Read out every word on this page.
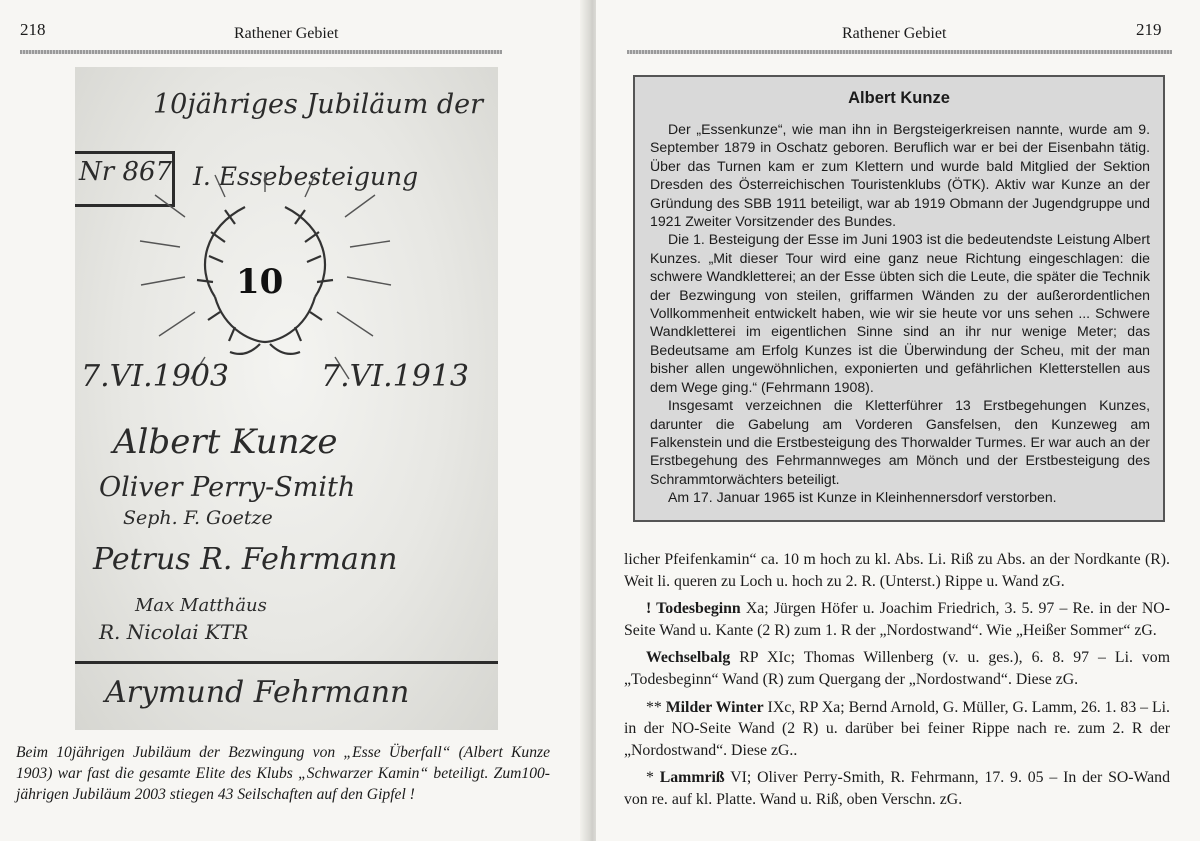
218	Rathener Gebiet
10jähriges Jubiläum der
Nr 867 I. Essebesteigung
10
7.VI.1903	7.VI.1913
Albert Kunze
Oliver Perry-Smith
Seph. F. Goetze
Petrus R. Fehrmann
Max Matthäus
R. Nicolai KTR
Arymund Fehrmann
Beim 10jährigen Jubiläum der Bezwingung von „Esse Überfall“ (Albert Kunze 1903) war fast die gesamte Elite des Klubs „Schwarzer Kamin“ beteiligt. Zum100-jährigen Jubiläum 2003 stiegen 43 Seilschaften auf den Gipfel !
Rathener Gebiet	219
Albert Kunze

Der „Essenkunze“, wie man ihn in Bergsteigerkreisen nannte, wurde am 9. September 1879 in Oschatz geboren. Beruflich war er bei der Eisenbahn tätig. Über das Turnen kam er zum Klettern und wurde bald Mitglied der Sektion Dresden des Österreichischen Touristenklubs (ÖTK). Aktiv war Kunze an der Gründung des SBB 1911 beteiligt, war ab 1919 Obmann der Jugendgruppe und 1921 Zweiter Vorsitzender des Bundes.

Die 1. Besteigung der Esse im Juni 1903 ist die bedeutendste Leistung Albert Kunzes. „Mit dieser Tour wird eine ganz neue Richtung eingeschlagen: die schwere Wandkletterei; an der Esse übten sich die Leute, die später die Technik der Bezwingung von steilen, griffarmen Wänden zu der außerordentlichen Vollkommenheit entwickelt haben, wie wir sie heute vor uns sehen ... Schwere Wandkletterei im eigentlichen Sinne sind an ihr nur wenige Meter; das Bedeutsame am Erfolg Kunzes ist die Überwindung der Scheu, mit der man bisher allen ungewöhnlichen, exponierten und gefährlichen Kletterstellen aus dem Wege ging.“ (Fehrmann 1908).

Insgesamt verzeichnen die Kletterführer 13 Erstbegehungen Kunzes, darunter die Gabelung am Vorderen Gansfelsen, den Kunzeweg am Falkenstein und die Erstbesteigung des Thorwalder Turmes. Er war auch an der Erstbegehung des Fehrmannweges am Mönch und der Erstbesteigung des Schrammtorwächters beteiligt.

Am 17. Januar 1965 ist Kunze in Kleinhennersdorf verstorben.

licher Pfeifenkamin“ ca. 10 m hoch zu kl. Abs. Li. Riß zu Abs. an der Nordkante (R). Weit li. queren zu Loch u. hoch zu 2. R. (Unterst.) Rippe u. Wand zG.

! Todesbeginn Xa; Jürgen Höfer u. Joachim Friedrich, 3. 5. 97 – Re. in der NO-Seite Wand u. Kante (2 R) zum 1. R der „Nordostwand“. Wie „Heißer Sommer“ zG.

Wechselbalg RP XIc; Thomas Willenberg (v. u. ges.), 6. 8. 97 – Li. vom „Todesbeginn“ Wand (R) zum Quergang der „Nordostwand“. Diese zG.

** Milder Winter IXc, RP Xa; Bernd Arnold, G. Müller, G. Lamm, 26. 1. 83 – Li. in der NO-Seite Wand (2 R) u. darüber bei feiner Rippe nach re. zum 2. R der „Nordostwand“. Diese zG..

* Lammriß VI; Oliver Perry-Smith, R. Fehrmann, 17. 9. 05 – In der SO-Wand von re. auf kl. Platte. Wand u. Riß, oben Verschn. zG.
